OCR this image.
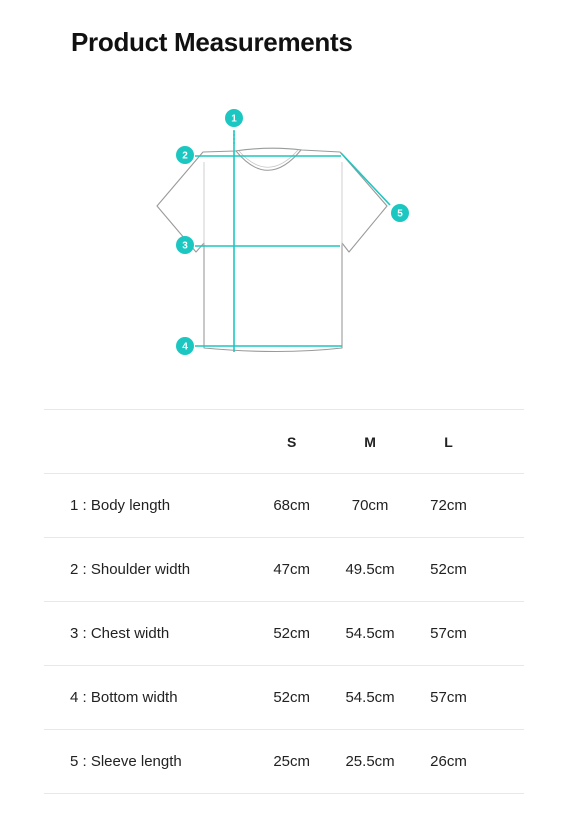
Product Measurements
1
2
3
4
5
	S	M	L	
1 : Body length	68cm	70cm	72cm	
2 : Shoulder width	47cm	49.5cm	52cm	
3 : Chest width	52cm	54.5cm	57cm	
4 : Bottom width	52cm	54.5cm	57cm	
5 : Sleeve length	25cm	25.5cm	26cm	
